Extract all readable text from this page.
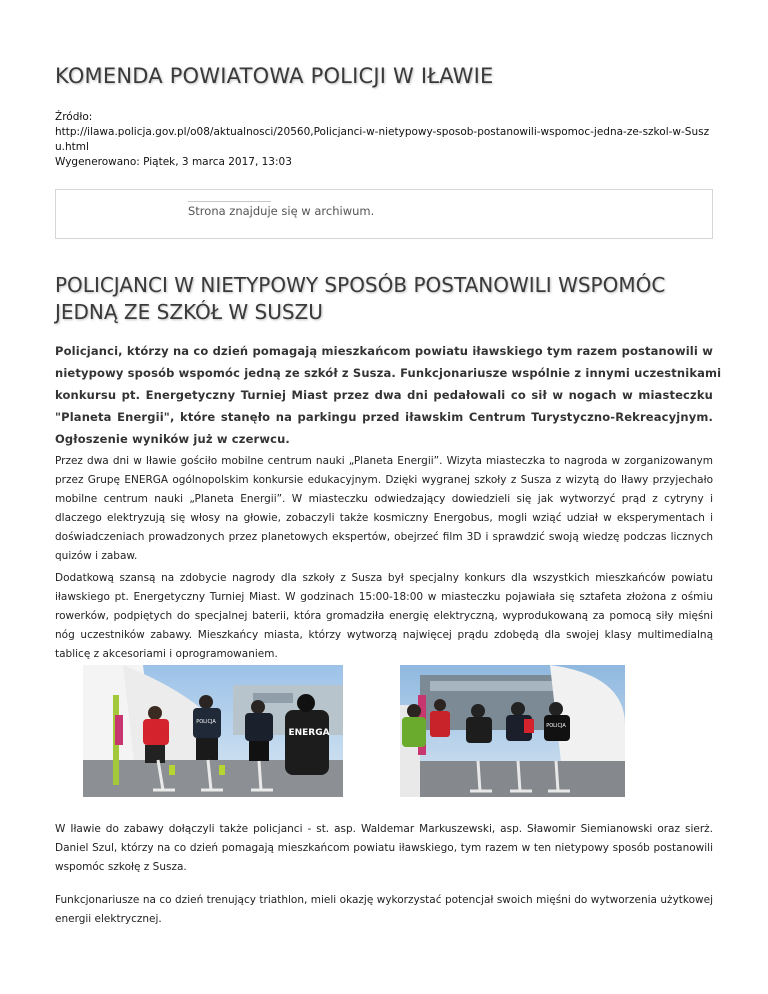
KOMENDA POWIATOWA POLICJI W IŁAWIE
Źródło:
http://ilawa.policja.gov.pl/o08/aktualnosci/20560,Policjanci-w-nietypowy-sposob-postanowili-wspomoc-jedna-ze-szkol-w-Susz
u.html
Wygenerowano: Piątek, 3 marca 2017, 13:03
Strona znajduje się w archiwum.
POLICJANCI W NIETYPOWY SPOSÓB POSTANOWILI WSPOMÓC
JEDNĄ ZE SZKÓŁ W SUSZU
Policjanci, którzy na co dzień pomagają mieszkańcom powiatu iławskiego tym razem postanowili w
nietypowy sposób wspomóc jedną ze szkół z Susza. Funkcjonariusze wspólnie z innymi uczestnikami
konkursu pt. Energetyczny Turniej Miast przez dwa dni pedałowali co sił w nogach w miasteczku
"Planeta Energii", które stanęło na parkingu przed iławskim Centrum Turystyczno-Rekreacyjnym.
Ogłoszenie wyników już w czerwcu.
Przez dwa dni w Iławie gościło mobilne centrum nauki „Planeta Energii”. Wizyta miasteczka to nagroda w zorganizowanym
przez Grupę ENERGA ogólnopolskim konkursie edukacyjnym. Dzięki wygranej szkoły z Susza z wizytą do Iławy przyjechało
mobilne centrum nauki „Planeta Energii”. W miasteczku odwiedzający dowiedzieli się jak wytworzyć prąd z cytryny i
dlaczego elektryzują się włosy na głowie, zobaczyli także kosmiczny Energobus, mogli wziąć udział w eksperymentach i
doświadczeniach prowadzonych przez planetowych ekspertów, obejrzeć film 3D i sprawdzić swoją wiedzę podczas licznych
quizów i zabaw.
Dodatkową szansą na zdobycie nagrody dla szkoły z Susza był specjalny konkurs dla wszystkich mieszkańców powiatu
iławskiego pt. Energetyczny Turniej Miast. W godzinach 15:00-18:00 w miasteczku pojawiała się sztafeta złożona z ośmiu
rowerków, podpiętych do specjalnej baterii, która gromadziła energię elektryczną, wyprodukowaną za pomocą siły mięśni
nóg uczestników zabawy. Mieszkańcy miasta, którzy wytworzą najwięcej prądu zdobędą dla swojej klasy multimedialną
tablicę z akcesoriami i oprogramowaniem.
ENERGA
POLICJA
POLICJA
W Iławie do zabawy dołączyli także policjanci - st. asp. Waldemar Markuszewski, asp. Sławomir Siemianowski oraz sierż.
Daniel Szul, którzy na co dzień pomagają mieszkańcom powiatu iławskiego, tym razem w ten nietypowy sposób postanowili
wspomóc szkołę z Susza.
Funkcjonariusze na co dzień trenujący triathlon, mieli okazję wykorzystać potencjał swoich mięśni do wytworzenia użytkowej
energii elektrycznej.
